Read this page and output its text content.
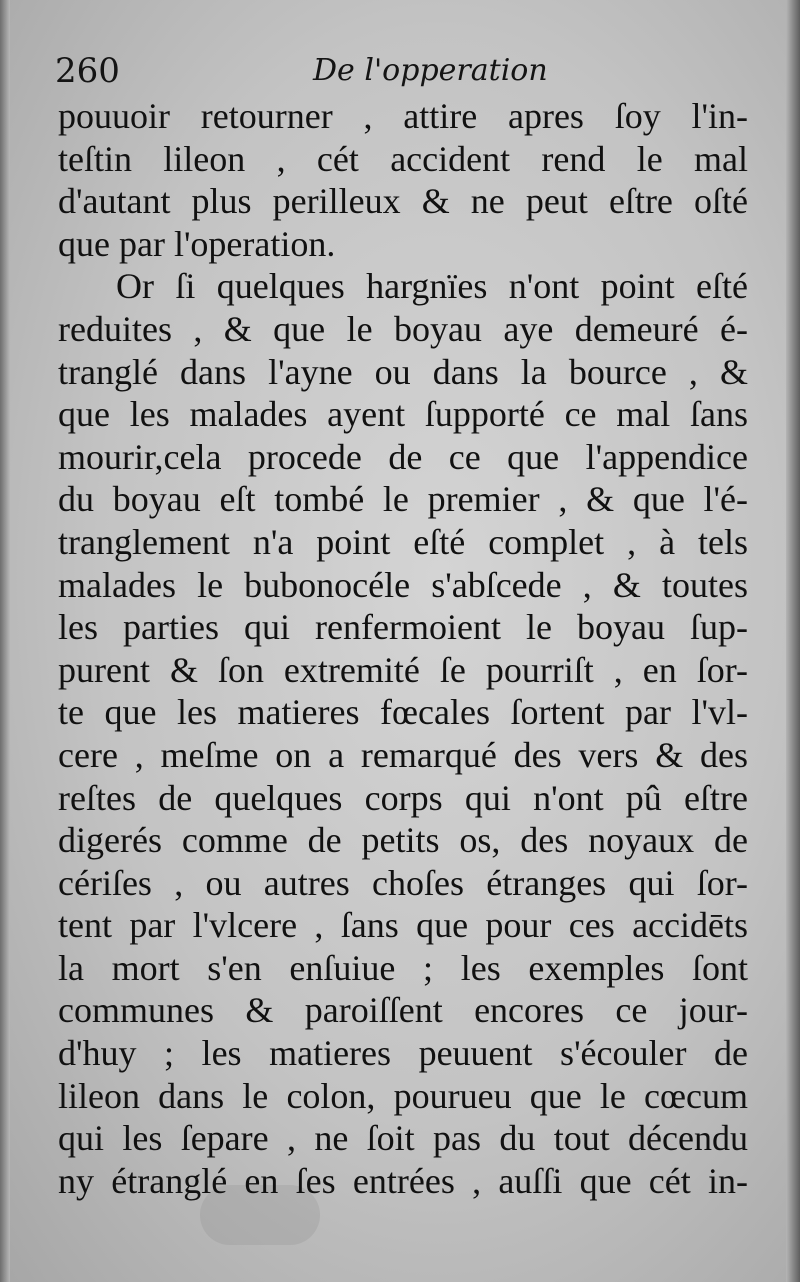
260	De l'opperation
pouuoir retourner , attire apres ſoy l'in-
teſtin lileon , cét accident rend le mal
d'autant plus perilleux & ne peut eſtre oſté
que par l'operation.
Or ſi quelques hargnïes n'ont point eſté
reduites , & que le boyau aye demeuré é-
tranglé dans l'ayne ou dans la bource , &
que les malades ayent ſupporté ce mal ſans
mourir,cela procede de ce que l'appendice
du boyau eſt tombé le premier , & que l'é-
tranglement n'a point eſté complet , à tels
malades le bubonocéle s'abſcede , & toutes
les parties qui renfermoient le boyau ſup-
purent & ſon extremité ſe pourriſt , en ſor-
te que les matieres fœcales ſortent par l'vl-
cere , meſme on a remarqué des vers & des
reſtes de quelques corps qui n'ont pû eſtre
digerés comme de petits os, des noyaux de
cériſes , ou autres choſes étranges qui ſor-
tent par l'vlcere , ſans que pour ces accidēts
la mort s'en enſuiue ; les exemples ſont
communes & paroiſſent encores ce jour-
d'huy ; les matieres peuuent s'écouler de
lileon dans le colon, pourueu que le cœcum
qui les ſepare , ne ſoit pas du tout décendu
ny étranglé en ſes entrées , auſſi que cét in-
